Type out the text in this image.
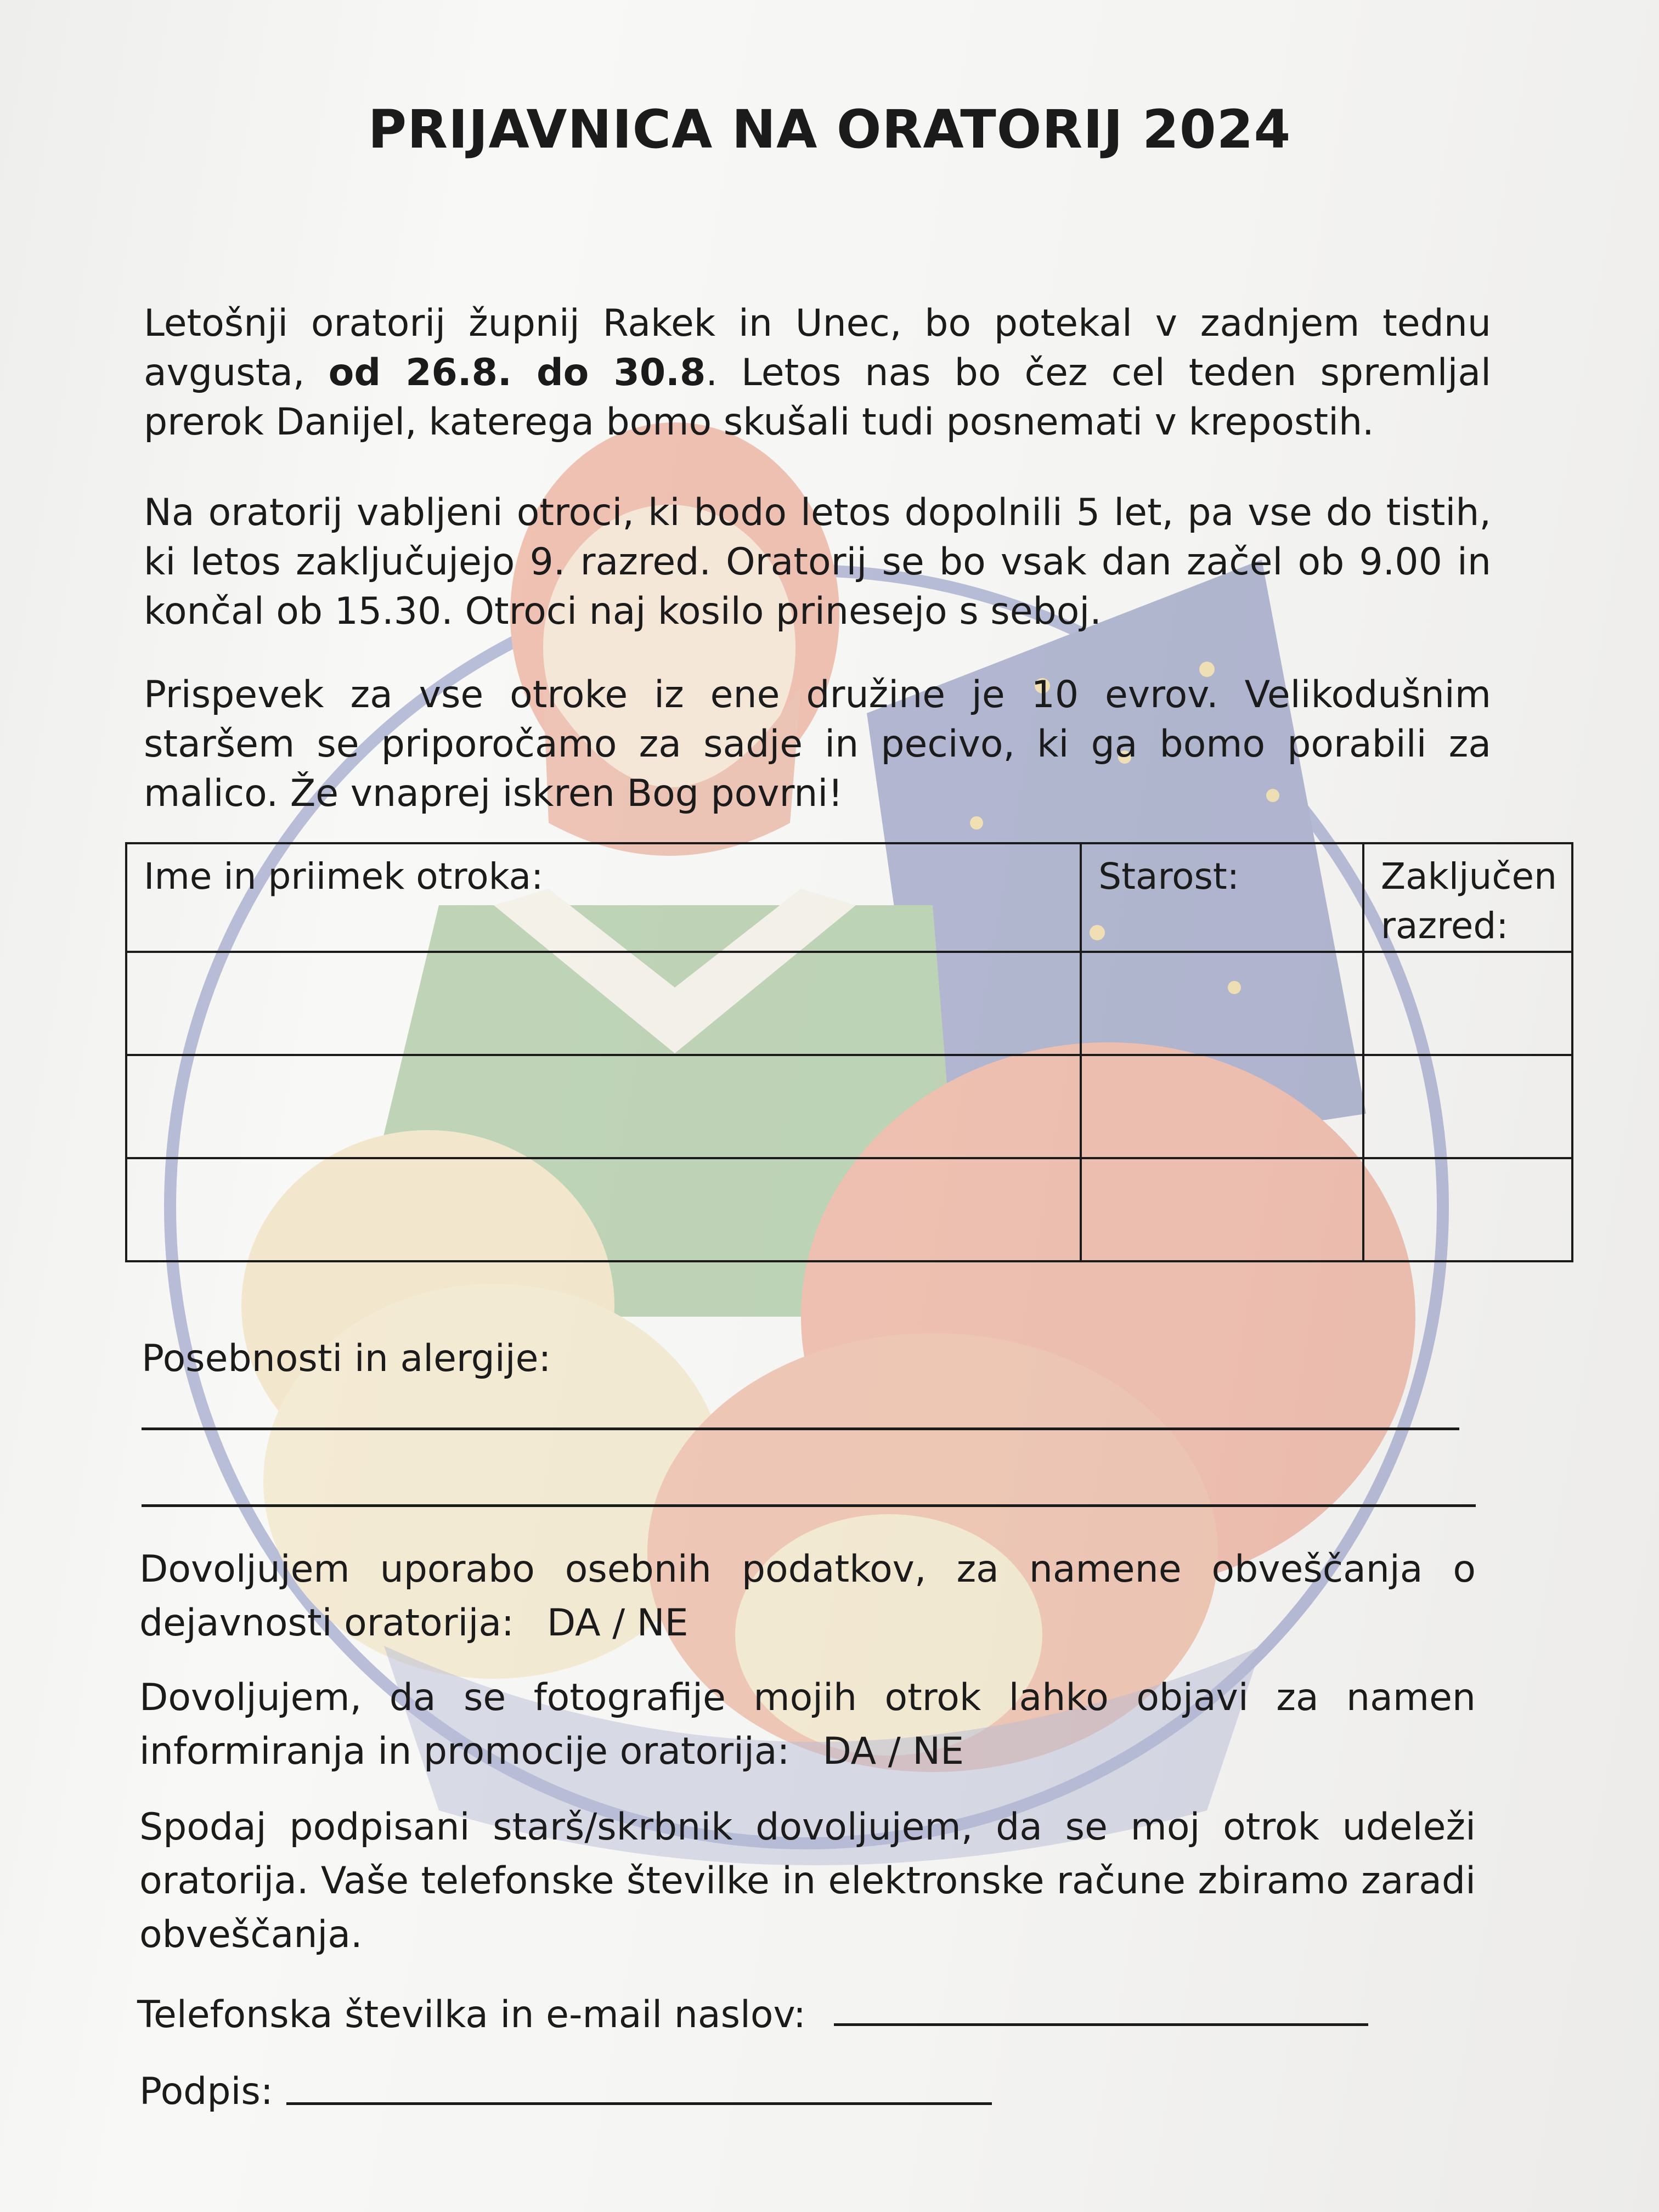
PRIJAVNICA NA ORATORIJ 2024

Letošnji oratorij župnij Rakek in Unec, bo potekal v zadnjem tednu avgusta, od 26.8. do 30.8. Letos nas bo čez cel teden spremljal prerok Danijel, katerega bomo skušali tudi posnemati v krepostih.

Na oratorij vabljeni otroci, ki bodo letos dopolnili 5 let, pa vse do tistih, ki letos zaključujejo 9. razred. Oratorij se bo vsak dan začel ob 9.00 in končal ob 15.30. Otroci naj kosilo prinesejo s seboj.

Prispevek za vse otroke iz ene družine je 10 evrov. Velikodušnim staršem se priporočamo za sadje in pecivo, ki ga bomo porabili za malico. Že vnaprej iskren Bog povrni!

Ime in priimek otroka:	Starost:	Zaključen razred:

Posebnosti in alergije:

Dovoljujem uporabo osebnih podatkov, za namene obveščanja o dejavnosti oratorija: DA / NE

Dovoljujem, da se fotografije mojih otrok lahko objavi za namen informiranja in promocije oratorija: DA / NE

Spodaj podpisani starš/skrbnik dovoljujem, da se moj otrok udeleži oratorija. Vaše telefonske številke in elektronske račune zbiramo zaradi obveščanja.

Telefonska številka in e-mail naslov:

Podpis:
